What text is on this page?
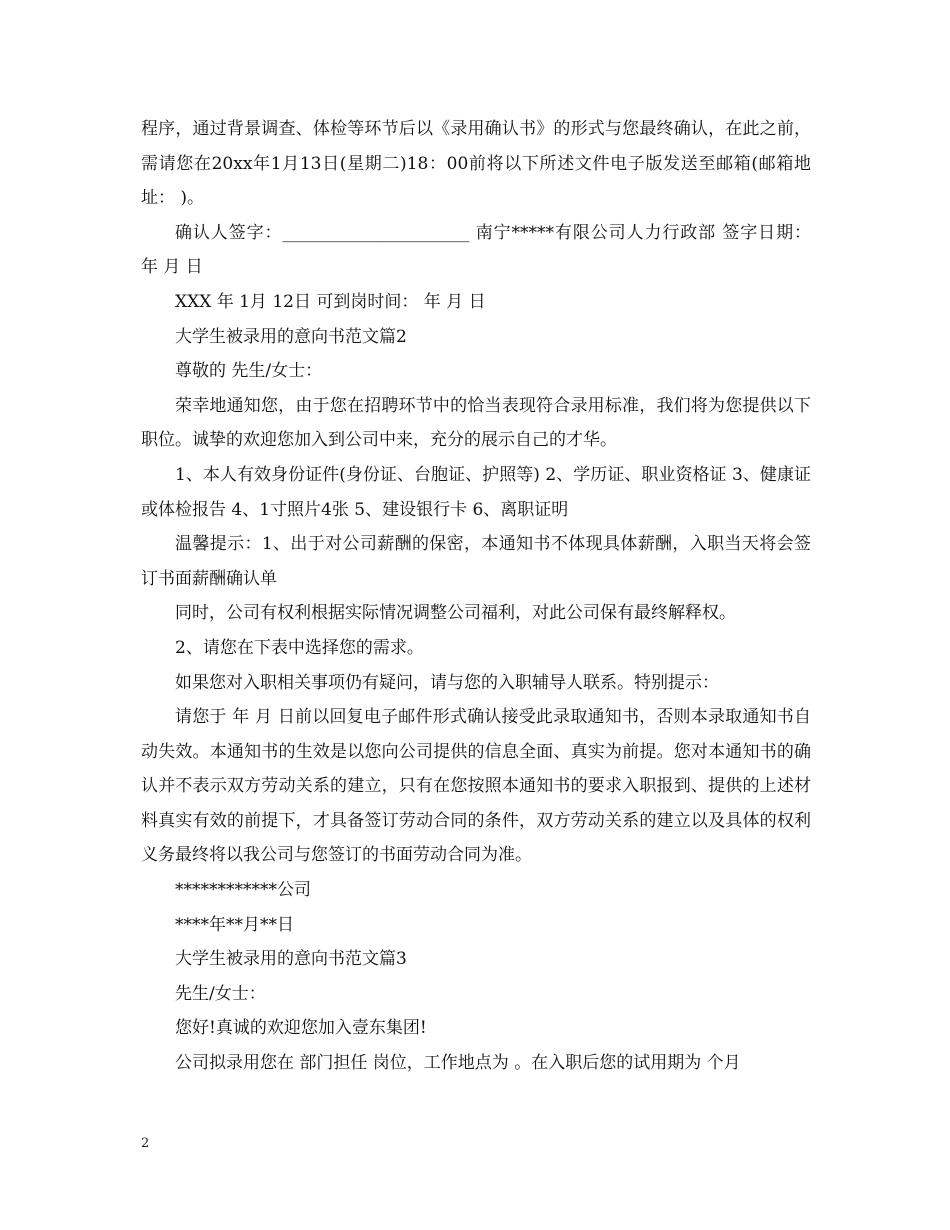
程序，通过背景调查、体检等环节后以《录用确认书》的形式与您最终确认，在此之前，需请您在20xx年1月13日(星期二)18：00前将以下所述文件电子版发送至邮箱(邮箱地址： )。

确认人签字：______________________ 南宁*****有限公司人力行政部 签字日期： 年 月 日

XXX 年 1月 12日 可到岗时间： 年 月 日

大学生被录用的意向书范文篇2

尊敬的 先生/女士：

荣幸地通知您，由于您在招聘环节中的恰当表现符合录用标准，我们将为您提供以下职位。诚挚的欢迎您加入到公司中来，充分的展示自己的才华。

1、本人有效身份证件(身份证、台胞证、护照等) 2、学历证、职业资格证 3、健康证或体检报告 4、1寸照片4张 5、建设银行卡 6、离职证明

温馨提示：1、出于对公司薪酬的保密，本通知书不体现具体薪酬，入职当天将会签订书面薪酬确认单

同时，公司有权利根据实际情况调整公司福利，对此公司保有最终解释权。

2、请您在下表中选择您的需求。

如果您对入职相关事项仍有疑问，请与您的入职辅导人联系。特别提示：

请您于 年 月 日前以回复电子邮件形式确认接受此录取通知书，否则本录取通知书自动失效。本通知书的生效是以您向公司提供的信息全面、真实为前提。您对本通知书的确认并不表示双方劳动关系的建立，只有在您按照本通知书的要求入职报到、提供的上述材料真实有效的前提下，才具备签订劳动合同的条件，双方劳动关系的建立以及具体的权利义务最终将以我公司与您签订的书面劳动合同为准。

************公司

****年**月**日

大学生被录用的意向书范文篇3

先生/女士：

您好!真诚的欢迎您加入壹东集团!

公司拟录用您在 部门担任 岗位，工作地点为 。在入职后您的试用期为 个月

2
